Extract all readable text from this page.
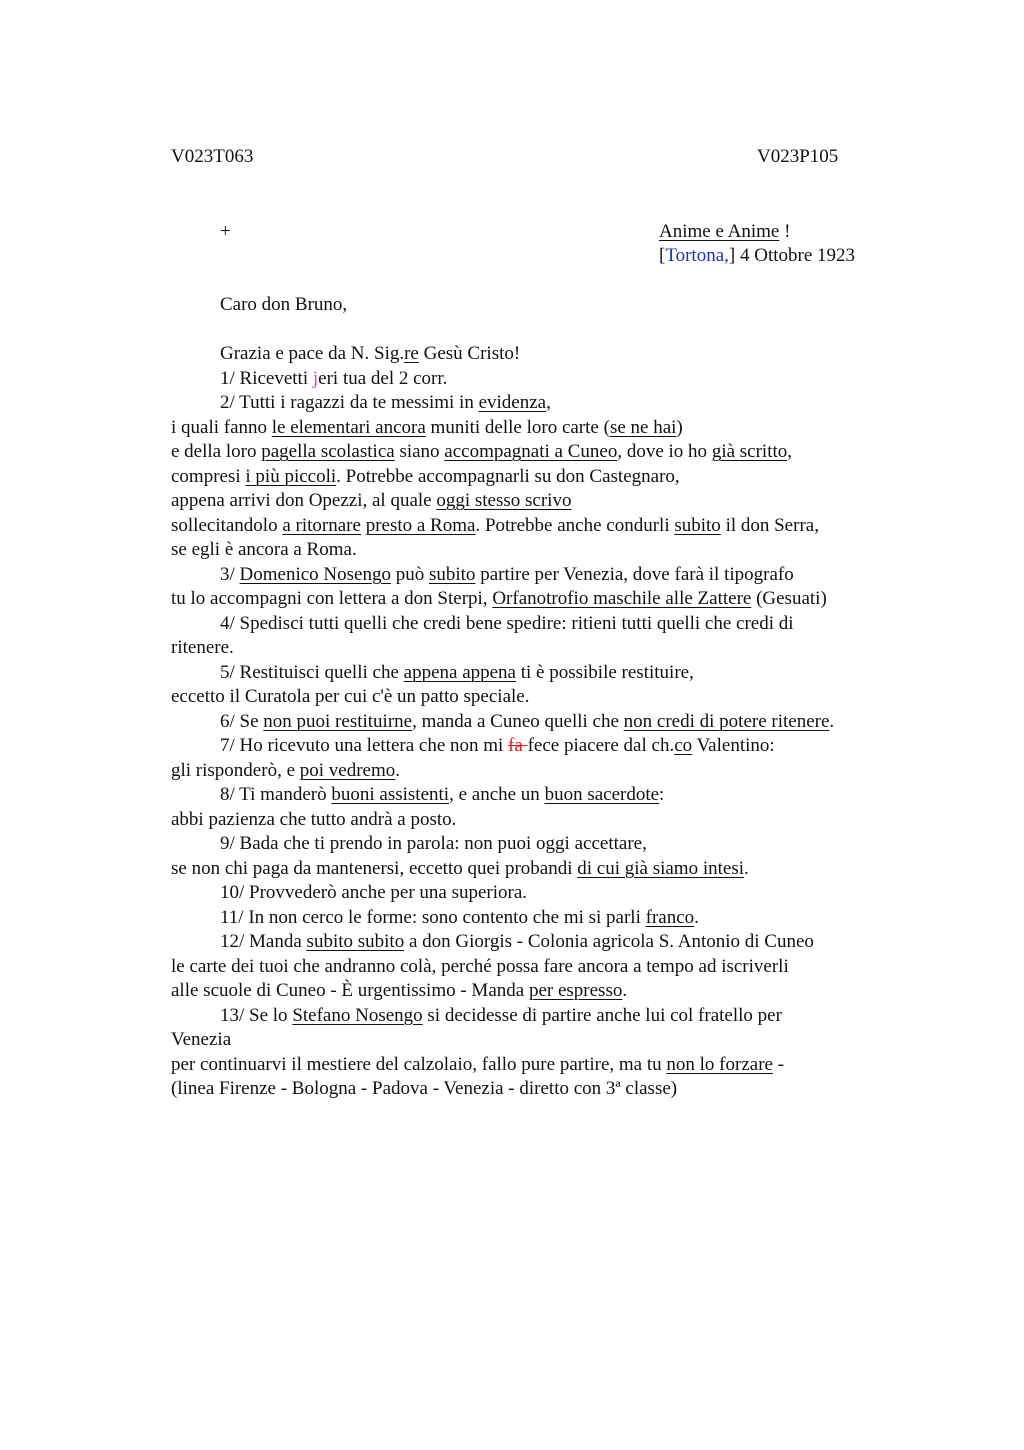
V023T063	V023P105
+	Anime e Anime !
[Tortona,] 4 Ottobre 1923
Caro don Bruno,
Grazia e pace da N. Sig.re Gesù Cristo!
1/ Ricevetti jeri tua del 2 corr.
2/ Tutti i ragazzi da te messimi in evidenza,
i quali fanno le elementari ancora muniti delle loro carte (se ne hai)
e della loro pagella scolastica siano accompagnati a Cuneo, dove io ho già scritto,
compresi i più piccoli. Potrebbe accompagnarli su don Castegnaro,
appena arrivi don Opezzi, al quale oggi stesso scrivo
sollecitandolo a ritornare presto a Roma. Potrebbe anche condurli subito il don Serra,
se egli è ancora a Roma.
3/ Domenico Nosengo può subito partire per Venezia, dove farà il tipografo
tu lo accompagni con lettera a don Sterpi, Orfanotrofio maschile alle Zattere (Gesuati)
4/ Spedisci tutti quelli che credi bene spedire: ritieni tutti quelli che credi di
ritenere.
5/ Restituisci quelli che appena appena ti è possibile restituire,
eccetto il Curatola per cui c'è un patto speciale.
6/ Se non puoi restituirne, manda a Cuneo quelli che non credi di potere ritenere.
7/ Ho ricevuto una lettera che non mi fa fece piacere dal ch.co Valentino:
gli risponderò, e poi vedremo.
8/ Ti manderò buoni assistenti, e anche un buon sacerdote:
abbi pazienza che tutto andrà a posto.
9/ Bada che ti prendo in parola: non puoi oggi accettare,
se non chi paga da mantenersi, eccetto quei probandi di cui già siamo intesi.
10/ Provvederò anche per una superiora.
11/ In non cerco le forme: sono contento che mi si parli franco.
12/ Manda subito subito a don Giorgis - Colonia agricola S. Antonio di Cuneo
le carte dei tuoi che andranno colà, perché possa fare ancora a tempo ad iscriverli
alle scuole di Cuneo - È urgentissimo - Manda per espresso.
13/ Se lo Stefano Nosengo si decidesse di partire anche lui col fratello per
Venezia
per continuarvi il mestiere del calzolaio, fallo pure partire, ma tu non lo forzare -
(linea Firenze - Bologna - Padova - Venezia - diretto con 3ª classe)
